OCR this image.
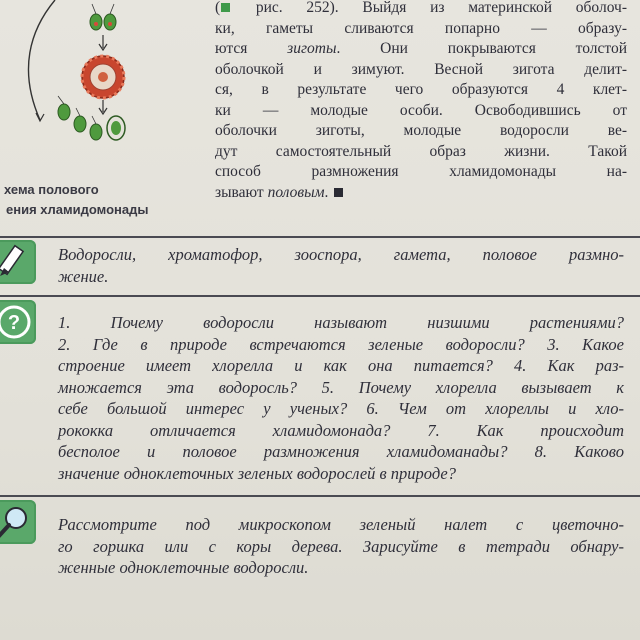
хема полового
ения хламидомонады
( рис. 252). Выйдя из материнской оболоч-
ки, гаметы сливаются попарно — образу-
ются зиготы. Они покрываются толстой
оболочкой и зимуют. Весной зигота делит-
ся, в результате чего образуются 4 клет-
ки — молодые особи. Освободившись от
оболочки зиготы, молодые водоросли ве-
дут самостоятельный образ жизни. Такой
способ размножения хламидомонады на-
зывают половым.
Водоросли, хроматофор, зооспора, гамета, половое размно-
жение.
? 1. Почему водоросли называют низшими растениями?
2. Где в природе встречаются зеленые водоросли? 3. Какое
строение имеет хлорелла и как она питается? 4. Как раз-
множается эта водоросль? 5. Почему хлорелла вызывает к
себе большой интерес у ученых? 6. Чем от хлореллы и хло-
рококка отличается хламидомонада? 7. Как происходит
бесполое и половое размножения хламидоманады? 8. Каково
значение одноклеточных зеленых водорослей в природе?
Рассмотрите под микроскопом зеленый налет с цветочно-
го горшка или с коры дерева. Зарисуйте в тетради обнару-
женные одноклеточные водоросли.
